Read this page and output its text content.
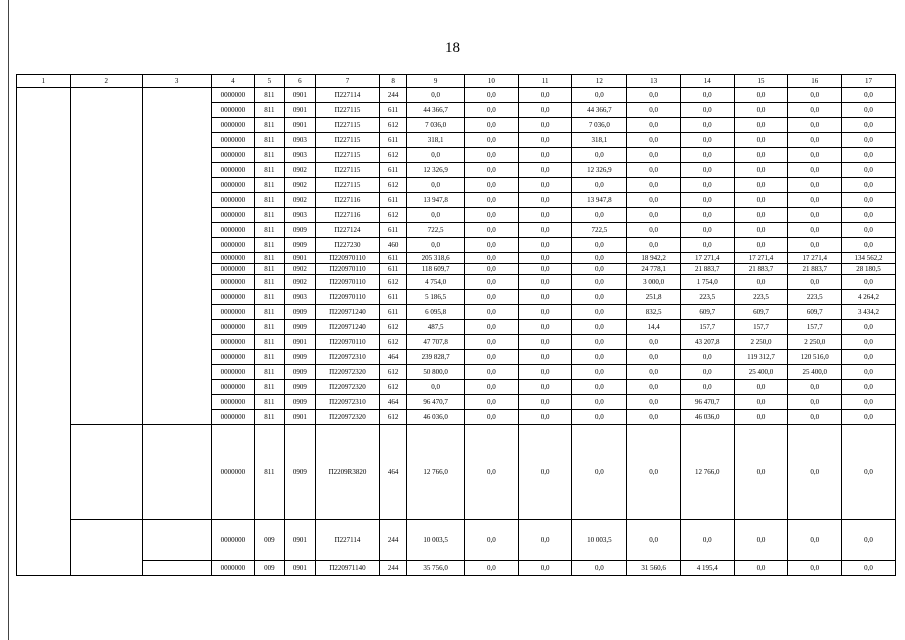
18
1	2	3	4	5	6	7	8	9	10	11	12	13	14	15	16	17
			0000000	811	0901	П227114	244	0,0	0,0	0,0	0,0	0,0	0,0	0,0	0,0	0,0
			0000000	811	0901	П227115	611	44 366,7	0,0	0,0	44 366,7	0,0	0,0	0,0	0,0	0,0
			0000000	811	0901	П227115	612	7 036,0	0,0	0,0	7 036,0	0,0	0,0	0,0	0,0	0,0
			0000000	811	0903	П227115	611	318,1	0,0	0,0	318,1	0,0	0,0	0,0	0,0	0,0
			0000000	811	0903	П227115	612	0,0	0,0	0,0	0,0	0,0	0,0	0,0	0,0	0,0
			0000000	811	0902	П227115	611	12 326,9	0,0	0,0	12 326,9	0,0	0,0	0,0	0,0	0,0
			0000000	811	0902	П227115	612	0,0	0,0	0,0	0,0	0,0	0,0	0,0	0,0	0,0
			0000000	811	0902	П227116	611	13 947,8	0,0	0,0	13 947,8	0,0	0,0	0,0	0,0	0,0
			0000000	811	0903	П227116	612	0,0	0,0	0,0	0,0	0,0	0,0	0,0	0,0	0,0
			0000000	811	0909	П227124	611	722,5	0,0	0,0	722,5	0,0	0,0	0,0	0,0	0,0
			0000000	811	0909	П227230	460	0,0	0,0	0,0	0,0	0,0	0,0	0,0	0,0	0,0
			0000000	811	0901	П220970110	611	205 318,6	0,0	0,0	0,0	18 942,2	17 271,4	17 271,4	17 271,4	134 562,2
			0000000	811	0902	П220970110	611	118 609,7	0,0	0,0	0,0	24 778,1	21 883,7	21 883,7	21 883,7	28 180,5
			0000000	811	0902	П220970110	612	4 754,0	0,0	0,0	0,0	3 000,0	1 754,0	0,0	0,0	0,0
			0000000	811	0903	П220970110	611	5 186,5	0,0	0,0	0,0	251,8	223,5	223,5	223,5	4 264,2
			0000000	811	0909	П220971240	611	6 095,8	0,0	0,0	0,0	832,5	609,7	609,7	609,7	3 434,2
			0000000	811	0909	П220971240	612	487,5	0,0	0,0	0,0	14,4	157,7	157,7	157,7	0,0
			0000000	811	0901	П220970110	612	47 707,8	0,0	0,0	0,0	0,0	43 207,8	2 250,0	2 250,0	0,0
			0000000	811	0909	П220972310	464	239 828,7	0,0	0,0	0,0	0,0	0,0	119 312,7	120 516,0	0,0
			0000000	811	0909	П220972320	612	50 800,0	0,0	0,0	0,0	0,0	0,0	25 400,0	25 400,0	0,0
			0000000	811	0909	П220972320	612	0,0	0,0	0,0	0,0	0,0	0,0	0,0	0,0	0,0
			0000000	811	0909	П220972310	464	96 470,7	0,0	0,0	0,0	0,0	96 470,7	0,0	0,0	0,0
			0000000	811	0901	П220972320	612	46 036,0	0,0	0,0	0,0	0,0	46 036,0	0,0	0,0	0,0
			0000000	811	0909	П2209R3820	464	12 766,0	0,0	0,0	0,0	0,0	12 766,0	0,0	0,0	0,0
			0000000	009	0901	П227114	244	10 003,5	0,0	0,0	10 003,5	0,0	0,0	0,0	0,0	0,0
			0000000	009	0901	П220971140	244	35 756,0	0,0	0,0	0,0	31 560,6	4 195,4	0,0	0,0	0,0
